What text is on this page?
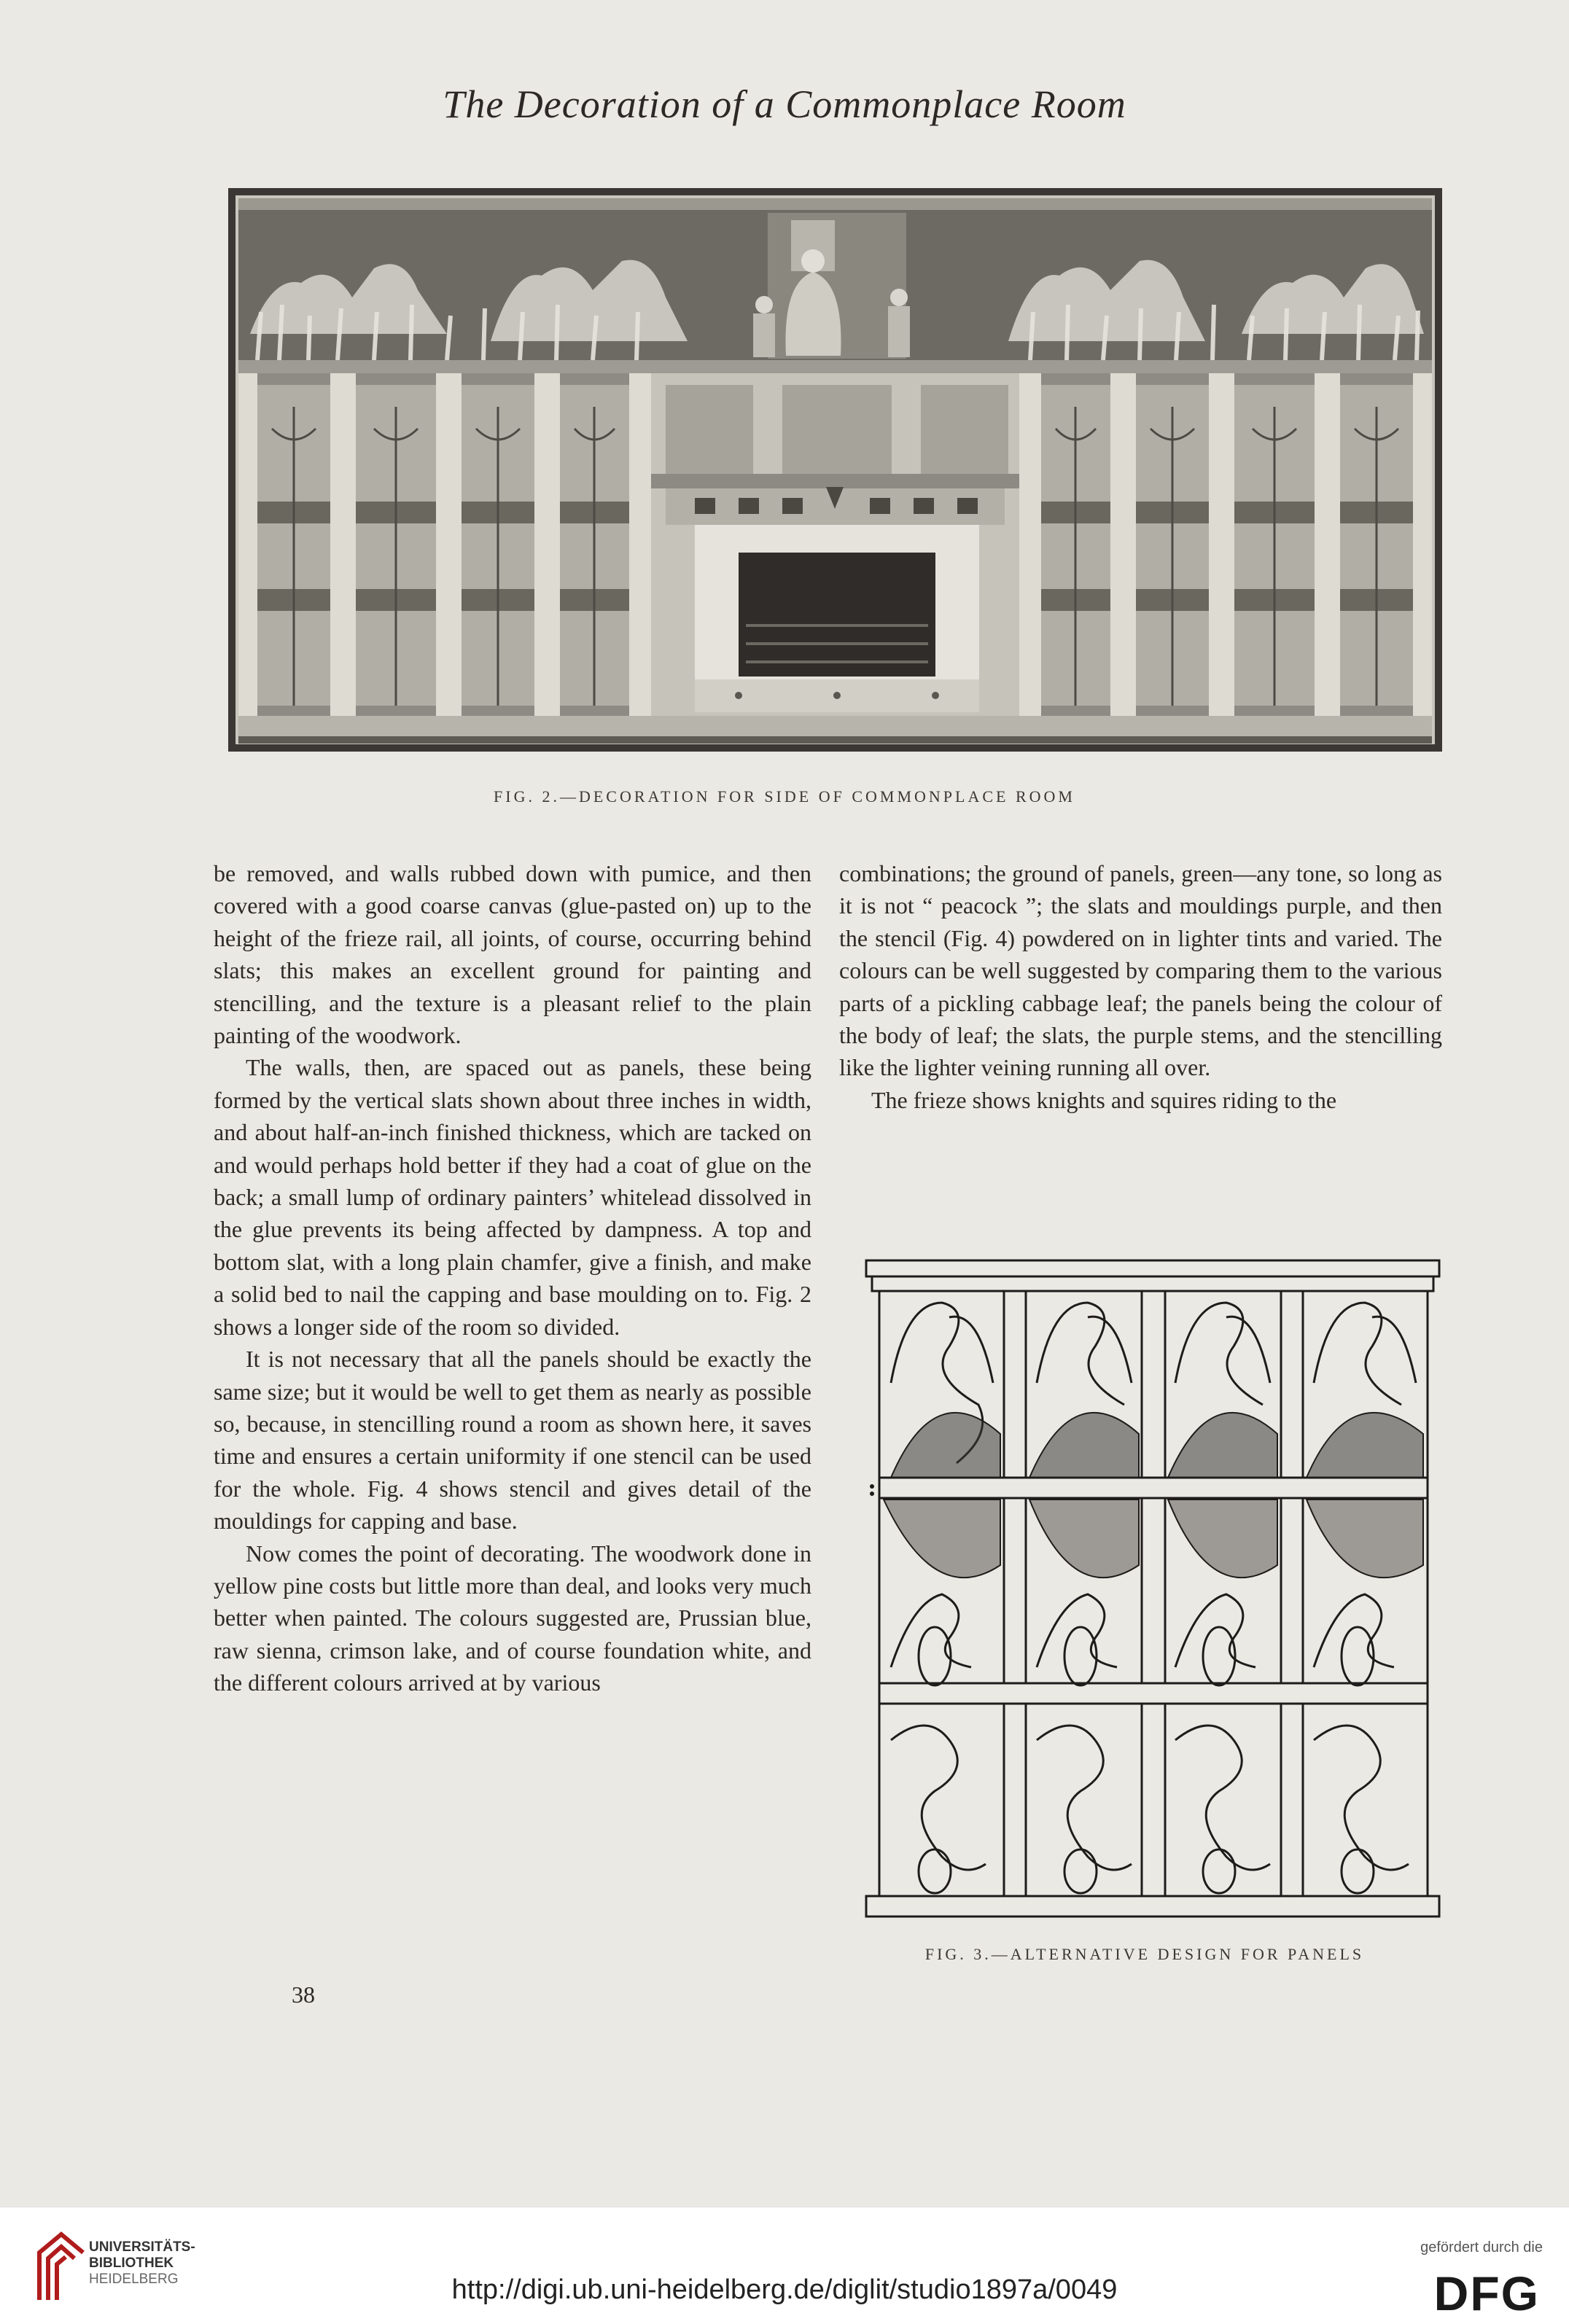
The Decoration of a Commonplace Room
FIG. 2.—DECORATION FOR SIDE OF COMMONPLACE ROOM

be removed, and walls rubbed down with pumice, and then covered with a good coarse canvas (glue-pasted on) up to the height of the frieze rail, all joints, of course, occurring behind slats; this makes an excellent ground for painting and stencilling, and the texture is a pleasant relief to the plain painting of the woodwork.

The walls, then, are spaced out as panels, these being formed by the vertical slats shown about three inches in width, and about half-an-inch finished thickness, which are tacked on and would perhaps hold better if they had a coat of glue on the back; a small lump of ordinary painters’ whitelead dissolved in the glue prevents its being affected by dampness. A top and bottom slat, with a long plain chamfer, give a finish, and make a solid bed to nail the capping and base moulding on to. Fig. 2 shows a longer side of the room so divided.

It is not necessary that all the panels should be exactly the same size; but it would be well to get them as nearly as possible so, because, in stencilling round a room as shown here, it saves time and ensures a certain uniformity if one stencil can be used for the whole. Fig. 4 shows stencil and gives detail of the mouldings for capping and base.

Now comes the point of decorating. The woodwork done in yellow pine costs but little more than deal, and looks very much better when painted. The colours suggested are, Prussian blue, raw sienna, crimson lake, and of course foundation white, and the different colours arrived at by various

combinations; the ground of panels, green—any tone, so long as it is not “ peacock ”; the slats and mouldings purple, and then the stencil (Fig. 4) powdered on in lighter tints and varied. The colours can be well suggested by comparing them to the various parts of a pickling cabbage leaf; the panels being the colour of the body of leaf; the slats, the purple stems, and the stencilling like the lighter veining running all over.

The frieze shows knights and squires riding to the

FIG. 3.—ALTERNATIVE DESIGN FOR PANELS
38
UNIVERSITÄTS-
BIBLIOTHEK
HEIDELBERG	http://digi.ub.uni-heidelberg.de/diglit/studio1897a/0049
gefördert durch die
DFG
